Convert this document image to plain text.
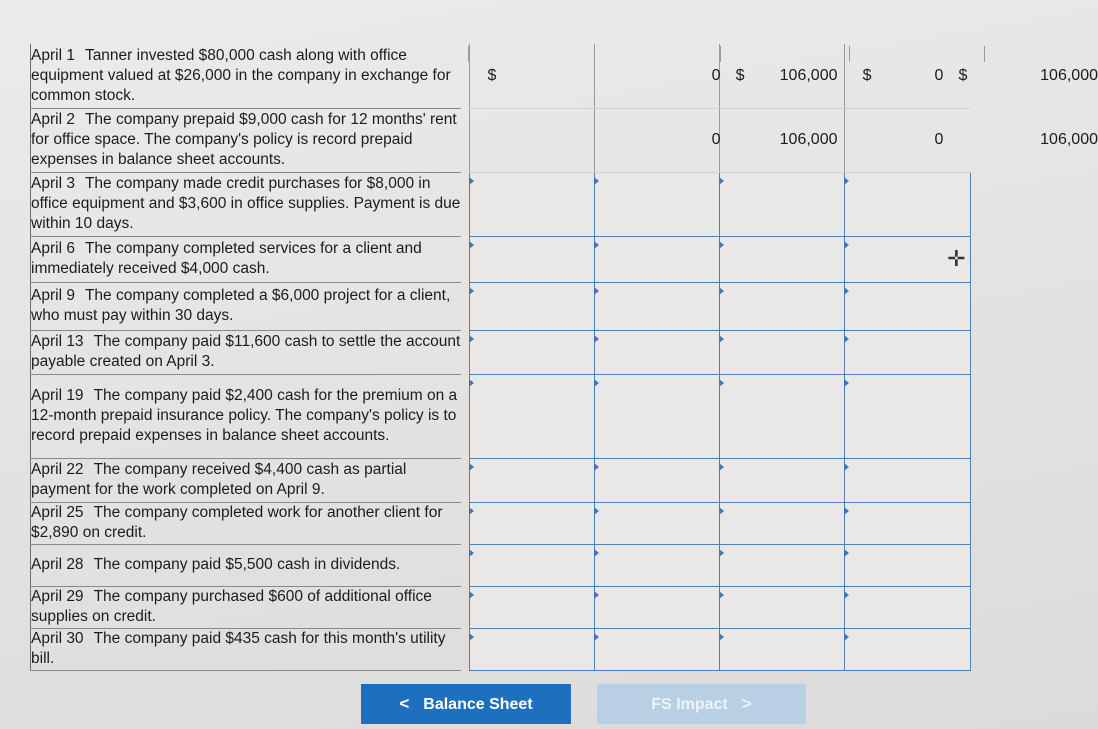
April 1 Tanner invested $80,000 cash along with office equipment valued at $26,000 in the company in exchange for common stock.		$	0 $	106,000 $	0 $ 106,000

April 2 The company prepaid $9,000 cash for 12 months' rent for office space. The company's policy is record prepaid expenses in balance sheet accounts.			0	106,000	0 106,000

April 3 The company made credit purchases for $8,000 in office equipment and $3,600 in office supplies. Payment is due within 10 days.					
April 6 The company completed services for a client and immediately received $4,000 cash.					✛

April 9 The company completed a $6,000 project for a client, who must pay within 30 days.					
April 13 The company paid $11,600 cash to settle the account payable created on April 3.					
April 19 The company paid $2,400 cash for the premium on a 12-month prepaid insurance policy. The company's policy is to record prepaid expenses in balance sheet accounts.					
April 22 The company received $4,400 cash as partial payment for the work completed on April 9.					
April 25 The company completed work for another client for $2,890 on credit.					
April 28 The company paid $5,500 cash in dividends.					
April 29 The company purchased $600 of additional office supplies on credit.					
April 30 The company paid $435 cash for this month's utility bill.					
< Balance Sheet	FS Impact >
